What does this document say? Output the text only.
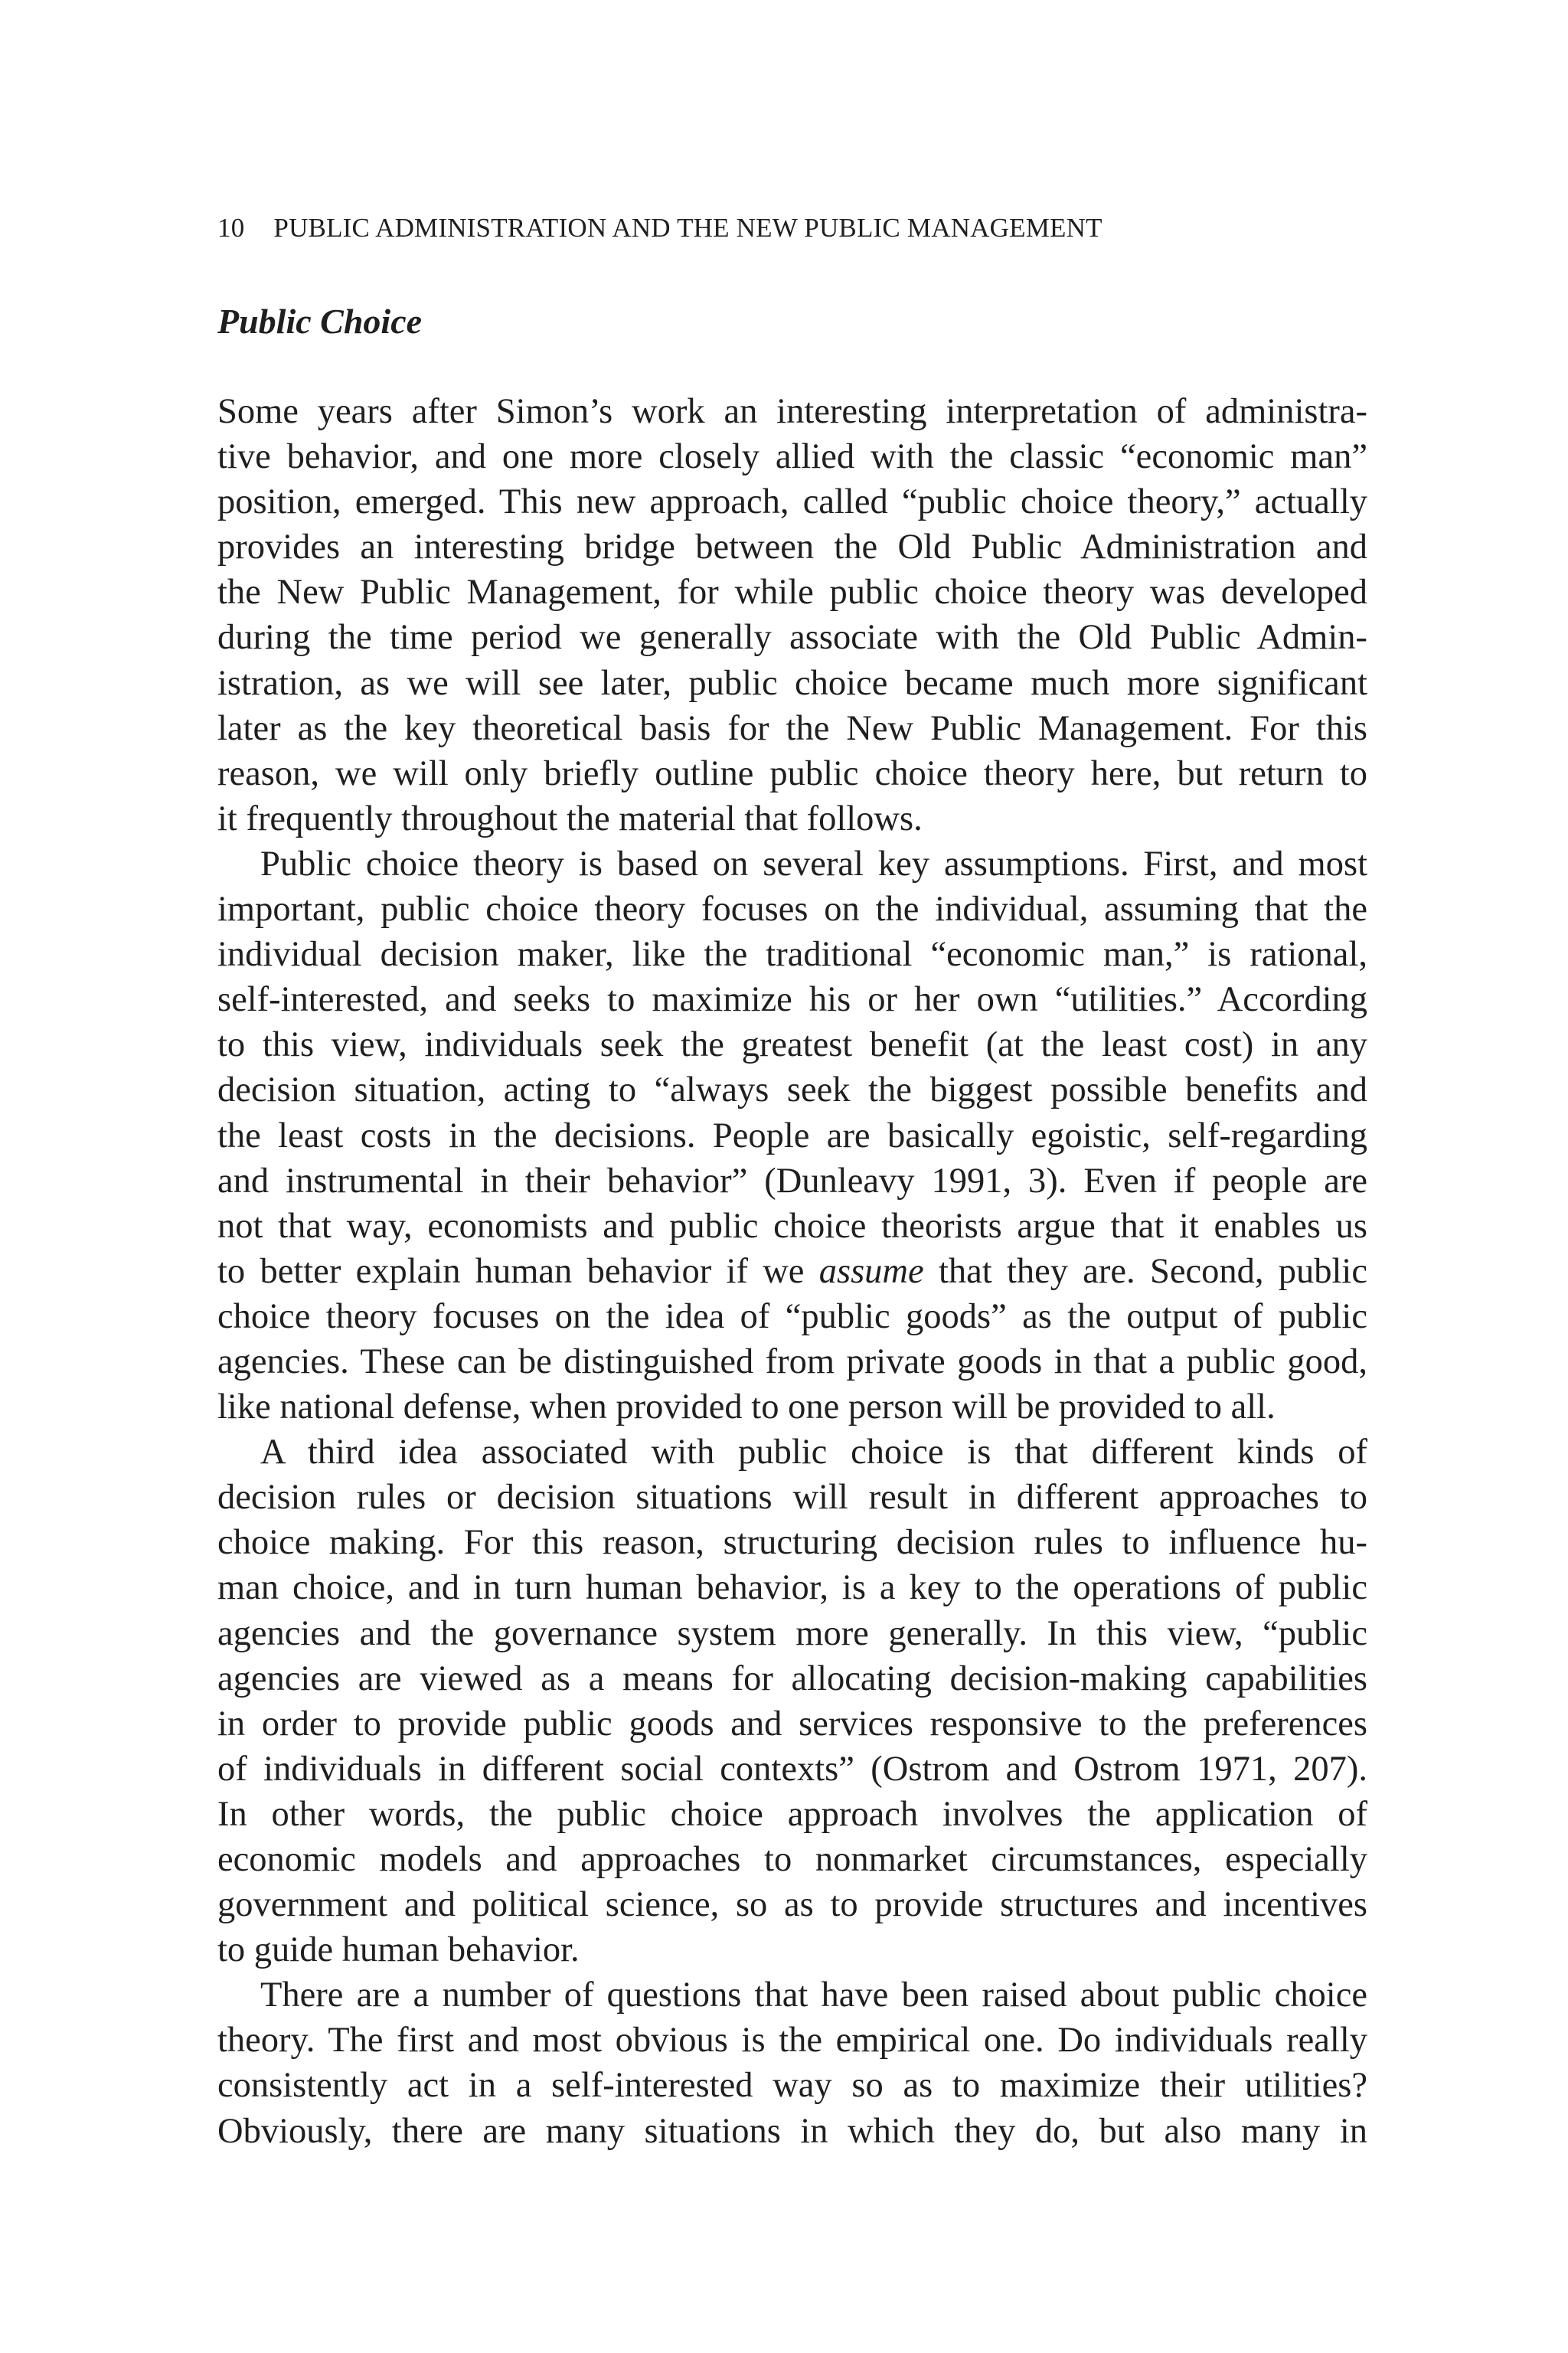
10 PUBLIC ADMINISTRATION AND THE NEW PUBLIC MANAGEMENT
Public Choice
Some years after Simon’s work an interesting interpretation of administra-
tive behavior, and one more closely allied with the classic “economic man”
position, emerged. This new approach, called “public choice theory,” actually
provides an interesting bridge between the Old Public Administration and
the New Public Management, for while public choice theory was developed
during the time period we generally associate with the Old Public Admin-
istration, as we will see later, public choice became much more significant
later as the key theoretical basis for the New Public Management. For this
reason, we will only briefly outline public choice theory here, but return to
it frequently throughout the material that follows.
Public choice theory is based on several key assumptions. First, and most
important, public choice theory focuses on the individual, assuming that the
individual decision maker, like the traditional “economic man,” is rational,
self-interested, and seeks to maximize his or her own “utilities.” According
to this view, individuals seek the greatest benefit (at the least cost) in any
decision situation, acting to “always seek the biggest possible benefits and
the least costs in the decisions. People are basically egoistic, self-regarding
and instrumental in their behavior” (Dunleavy 1991, 3). Even if people are
not that way, economists and public choice theorists argue that it enables us
to better explain human behavior if we assume that they are. Second, public
choice theory focuses on the idea of “public goods” as the output of public
agencies. These can be distinguished from private goods in that a public good,
like national defense, when provided to one person will be provided to all.
A third idea associated with public choice is that different kinds of
decision rules or decision situations will result in different approaches to
choice making. For this reason, structuring decision rules to influence hu-
man choice, and in turn human behavior, is a key to the operations of public
agencies and the governance system more generally. In this view, “public
agencies are viewed as a means for allocating decision-making capabilities
in order to provide public goods and services responsive to the preferences
of individuals in different social contexts” (Ostrom and Ostrom 1971, 207).
In other words, the public choice approach involves the application of
economic models and approaches to nonmarket circumstances, especially
government and political science, so as to provide structures and incentives
to guide human behavior.
There are a number of questions that have been raised about public choice
theory. The first and most obvious is the empirical one. Do individuals really
consistently act in a self-interested way so as to maximize their utilities?
Obviously, there are many situations in which they do, but also many in
